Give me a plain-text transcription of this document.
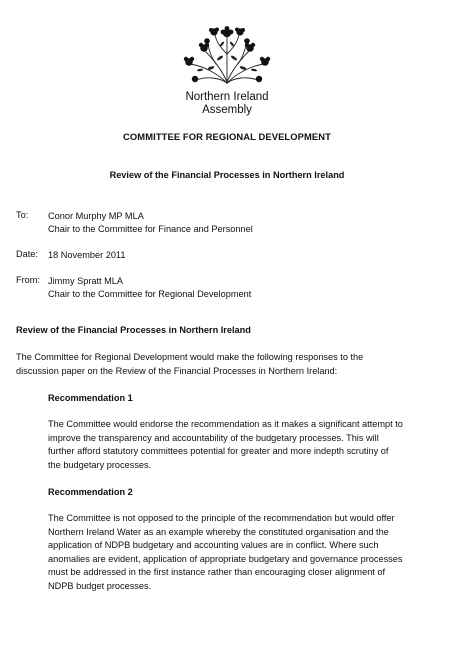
Northern Ireland
Assembly
COMMITTEE FOR REGIONAL DEVELOPMENT
Review of the Financial Processes in Northern Ireland
To: Conor Murphy MP MLA
Chair to the Committee for Finance and Personnel
Date: 18 November 2011
From: Jimmy Spratt MLA
Chair to the Committee for Regional Development
Review of the Financial Processes in Northern Ireland
The Committee for Regional Development would make the following responses to the
discussion paper on the Review of the Financial Processes in Northern Ireland:
Recommendation 1
The Committee would endorse the recommendation as it makes a significant attempt to
improve the transparency and accountability of the budgetary processes. This will
further afford statutory committees potential for greater and more indepth scrutiny of
the budgetary processes.
Recommendation 2
The Committee is not opposed to the principle of the recommendation but would offer
Northern Ireland Water as an example whereby the constituted organisation and the
application of NDPB budgetary and accounting values are in conflict. Where such
anomalies are evident, application of appropriate budgetary and governance processes
must be addressed in the first instance rather than encouraging closer alignment of
NDPB budget processes.
